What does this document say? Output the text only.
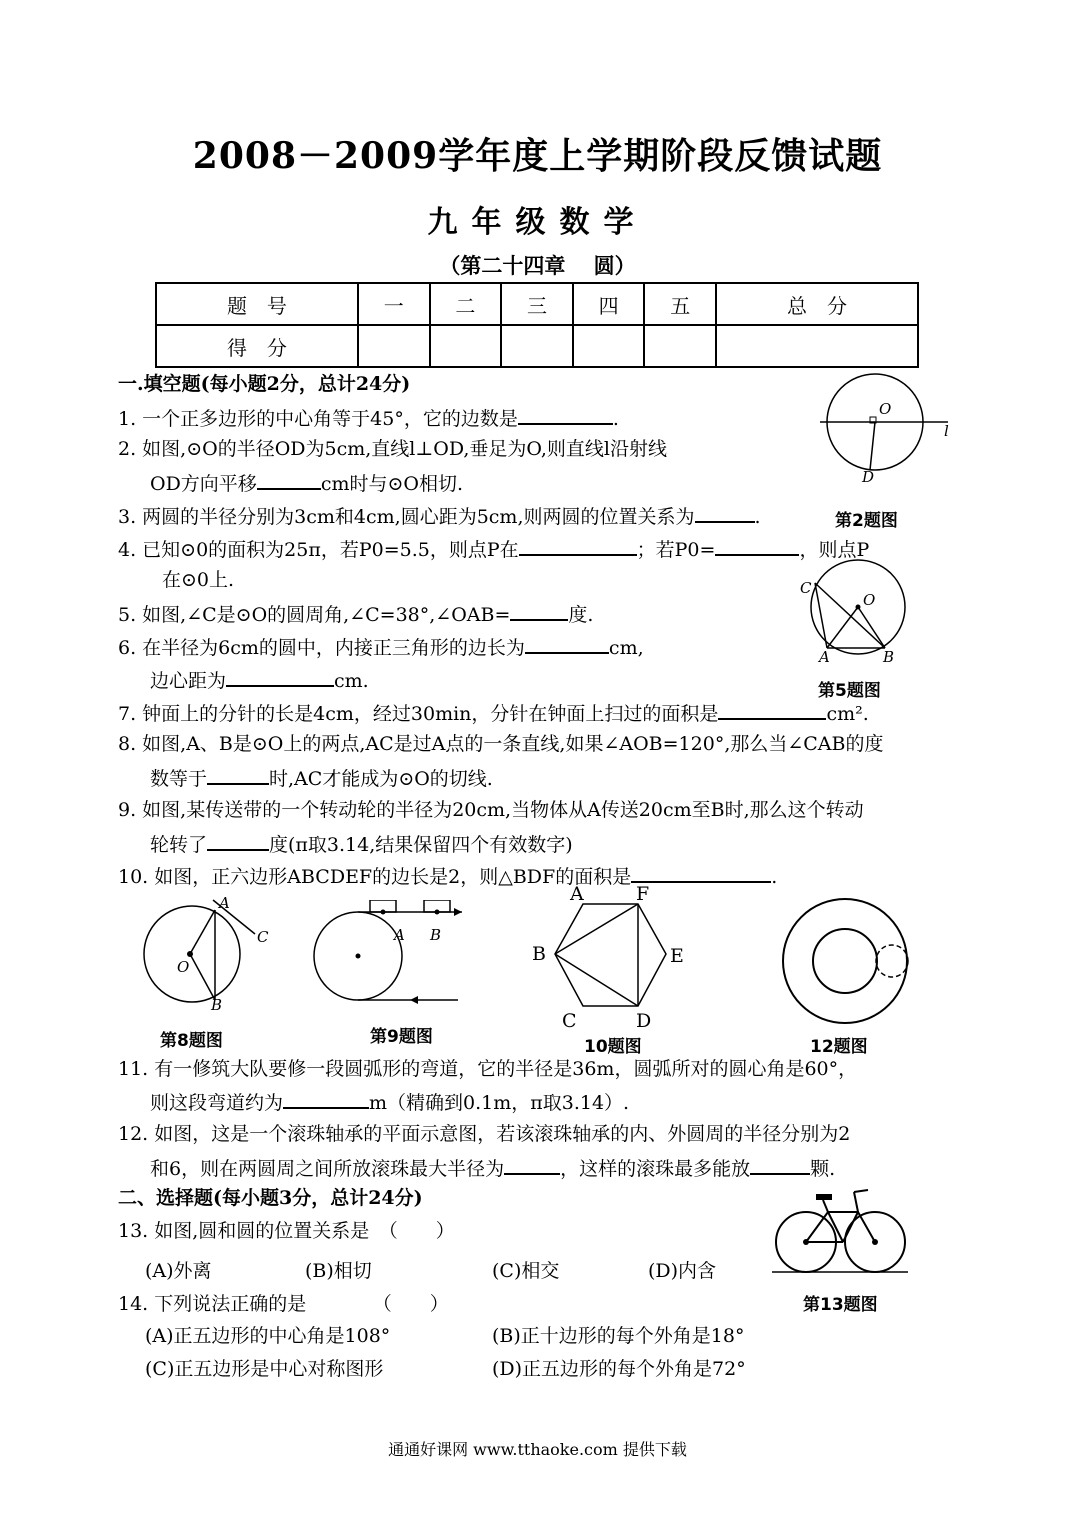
2008－2009学年度上学期阶段反馈试题
九年级数学
（第二十四章　 圆）
题　号	一	二	三	四	五	总　分
得　分						
一.填空题(每小题2分，总计24分)
1. 一个正多边形的中心角等于45°，它的边数是	.
2. 如图,⊙O的半径OD为5cm,直线l⊥OD,垂足为O,则直线l沿射线
OD方向平移	cm时与⊙O相切.
3. 两圆的半径分别为3cm和4cm,圆心距为5cm,则两圆的位置关系为	.
4. 已知⊙0的面积为25π，若P0=5.5，则点P在	；若P0=	，则点P
在⊙0上.
5. 如图,∠C是⊙O的圆周角,∠C=38°,∠OAB=	度.
6. 在半径为6cm的圆中，内接正三角形的边长为	cm,
边心距为	cm.
7. 钟面上的分针的长是4cm，经过30min，分针在钟面上扫过的面积是	cm².
8. 如图,A、B是⊙O上的两点,AC是过A点的一条直线,如果∠AOB=120°,那么当∠CAB的度
数等于	时,AC才能成为⊙O的切线.
9. 如图,某传送带的一个转动轮的半径为20cm,当物体从A传送20cm至B时,那么这个转动
轮转了	度(π取3.14,结果保留四个有效数字)
10. 如图，正六边形ABCDEF的边长是2，则△BDF的面积是	.
O
l
D
第2题图
C
O
A	B
第5题图
A
C
O
B
第8题图
A B
第9题图
A	F
B	E
C	D
10题图	12题图
11. 有一修筑大队要修一段圆弧形的弯道，它的半径是36m，圆弧所对的圆心角是60°，
则这段弯道约为	m（精确到0.1m，π取3.14）.
12. 如图，这是一个滚珠轴承的平面示意图，若该滚珠轴承的内、外圆周的半径分别为2
和6，则在两圆周之间所放滚珠最大半径为	，这样的滚珠最多能放	颗.
二、选择题(每小题3分，总计24分)
13. 如图,圆和圆的位置关系是　（　　）
(A)外离	(B)相切	(C)相交	(D)内含
第13题图
14. 下列说法正确的是　　　　（　　）
(A)正五边形的中心角是108°	(B)正十边形的每个外角是18°
(C)正五边形是中心对称图形	(D)正五边形的每个外角是72°
通通好课网 www.tthaoke.com 提供下载
